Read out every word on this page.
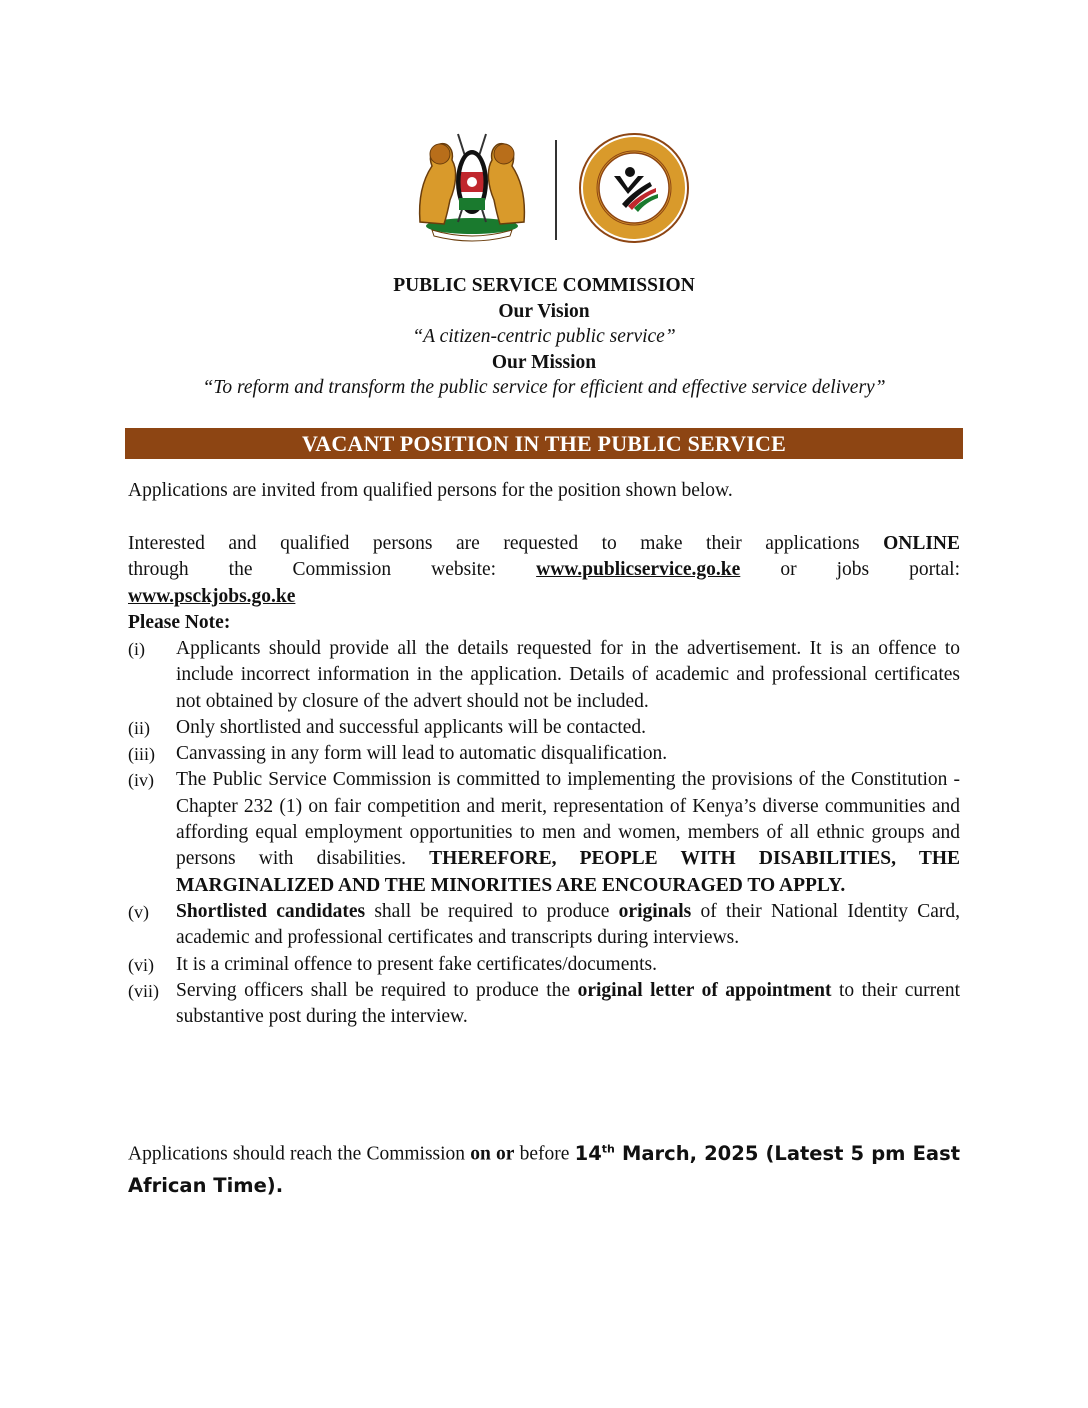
PUBLIC SERVICE COMMISSION
Our Vision
“A citizen-centric public service”
Our Mission
“To reform and transform the public service for efficient and effective service delivery”
VACANT POSITION IN THE PUBLIC SERVICE
Applications are invited from qualified persons for the position shown below.
Interested and qualified persons are requested to make their applications ONLINE
through the Commission website: www.publicservice.go.ke or jobs portal:
www.psckjobs.go.ke
Please Note:
(i)	Applicants should provide all the details requested for in the advertisement. It is an offence to include incorrect information in the application. Details of academic and professional certificates not obtained by closure of the advert should not be included.
(ii)	Only shortlisted and successful applicants will be contacted.
(iii)	Canvassing in any form will lead to automatic disqualification.
(iv)	The Public Service Commission is committed to implementing the provisions of the Constitution - Chapter 232 (1) on fair competition and merit, representation of Kenya’s diverse communities and affording equal employment opportunities to men and women, members of all ethnic groups and persons with disabilities. THEREFORE, PEOPLE WITH DISABILITIES, THE MARGINALIZED AND THE MINORITIES ARE ENCOURAGED TO APPLY.
(v)	Shortlisted candidates shall be required to produce originals of their National Identity Card, academic and professional certificates and transcripts during interviews.
(vi)	It is a criminal offence to present fake certificates/documents.
(vii) Serving officers shall be required to produce the original letter of appointment to their current substantive post during the interview.
Applications should reach the Commission on or before 14th March, 2025 (Latest 5 pm East African Time).
